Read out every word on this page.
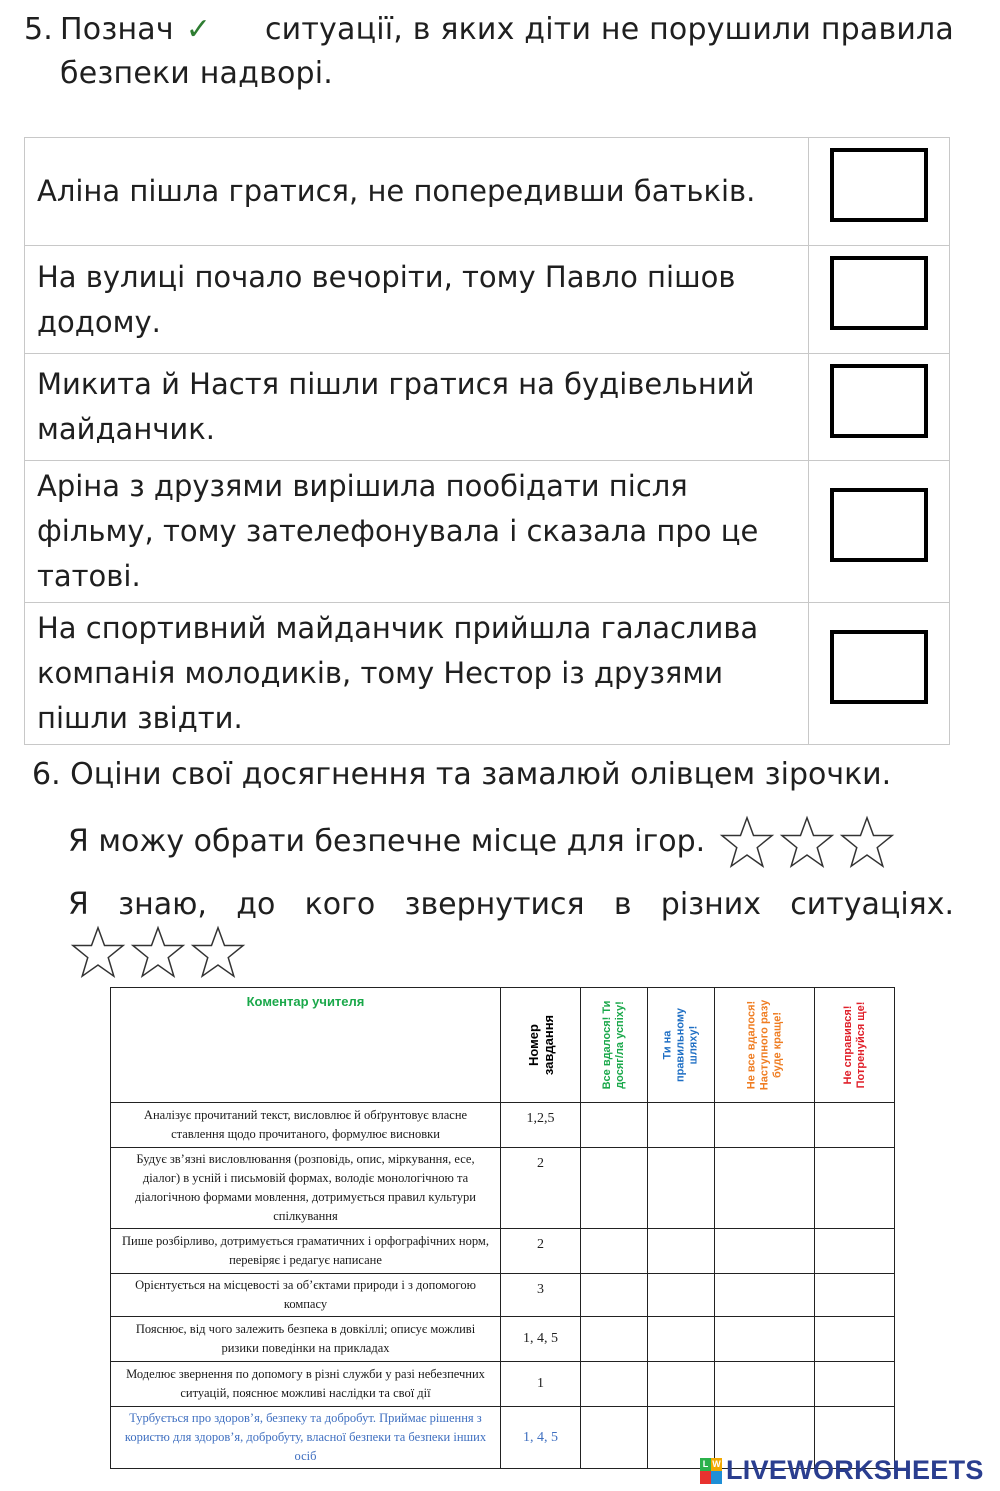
5. Познач ✓	ситуації, в яких діти не порушили правила
безпеки надворі.
Аліна пішла гратися, не попередивши батьків.	

На вулиці почало вечоріти, тому Павло пішов
додому.	

Микита й Настя пішли гратися на будівельний
майданчик.	

Аріна з друзями вирішила пообідати після
фільму, тому зателефонувала і сказала про це
татові.	

На спортивний майданчик прийшла галаслива
компанія молодиків, тому Нестор із друзями
пішли звідти.	

6. Оціни свої досягнення та замалюй олівцем зірочки.
Я можу обрати безпечне місце для ігор.
Я знаю, до кого звернутися в різних ситуаціях.
Коментар учителя	Номер завдання	Все вдалося! Ти досяг/ла успіху!	Ти на правильному шляху!	Не все вдалося! Наступного разу буде краще!	Не справився! Потренуйся ще!

Аналізує прочитаний текст, висловлює й обґрунтовує власне ставлення щодо прочитаного, формулює висновки	1,2,5				
Будує зв’язні висловлювання (розповідь, опис, міркування, есе, діалог) в усній і письмовій формах, володіє монологічною та діалогічною формами мовлення, дотримується правил культури спілкування	2				
Пише розбірливо, дотримується граматичних і орфографічних норм, перевіряє і редагує написане	2				
Орієнтується на місцевості за об’єктами природи і з допомогою компасу	3				
Пояснює, від чого залежить безпека в довкіллі; описує можливі ризики поведінки на прикладах	1, 4, 5				
Моделює звернення по допомогу в різні служби у разі небезпечних ситуацій, пояснює можливі наслідки та свої дії	1				
Турбується про здоров’я, безпеку та добробут. Приймає рішення з користю для здоров’я, добробуту, власної безпеки та безпеки інших осіб	1, 4, 5				
L W LIVEWORKSHEETS
